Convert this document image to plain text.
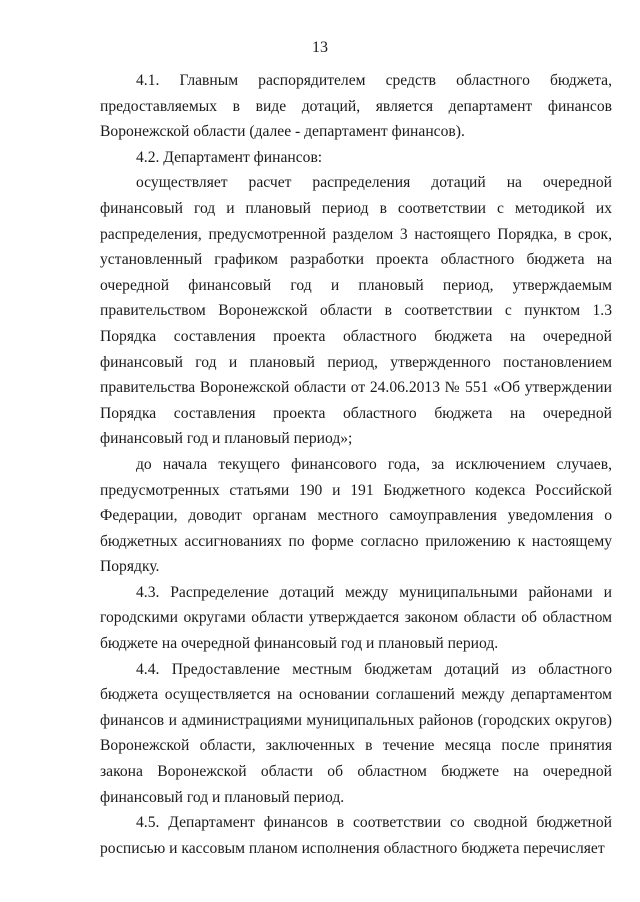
13

4.1. Главным распорядителем средств областного бюджета, предоставляемых в виде дотаций, является департамент финансов Воронежской области (далее - департамент финансов).

4.2. Департамент финансов:

осуществляет расчет распределения дотаций на очередной финансовый год и плановый период в соответствии с методикой их распределения, предусмотренной разделом 3 настоящего Порядка, в срок, установленный графиком разработки проекта областного бюджета на очередной финансовый год и плановый период, утверждаемым правительством Воронежской области в соответствии с пунктом 1.3 Порядка составления проекта областного бюджета на очередной финансовый год и плановый период, утвержденного постановлением правительства Воронежской области от 24.06.2013 № 551 «Об утверждении Порядка составления проекта областного бюджета на очередной финансовый год и плановый период»;

до начала текущего финансового года, за исключением случаев, предусмотренных статьями 190 и 191 Бюджетного кодекса Российской Федерации, доводит органам местного самоуправления уведомления о бюджетных ассигнованиях по форме согласно приложению к настоящему Порядку.

4.3. Распределение дотаций между муниципальными районами и городскими округами области утверждается законом области об областном бюджете на очередной финансовый год и плановый период.

4.4. Предоставление местным бюджетам дотаций из областного бюджета осуществляется на основании соглашений между департаментом финансов и администрациями муниципальных районов (городских округов) Воронежской области, заключенных в течение месяца после принятия закона Воронежской области об областном бюджете на очередной финансовый год и плановый период.

4.5. Департамент финансов в соответствии со сводной бюджетной росписью и кассовым планом исполнения областного бюджета перечисляет
